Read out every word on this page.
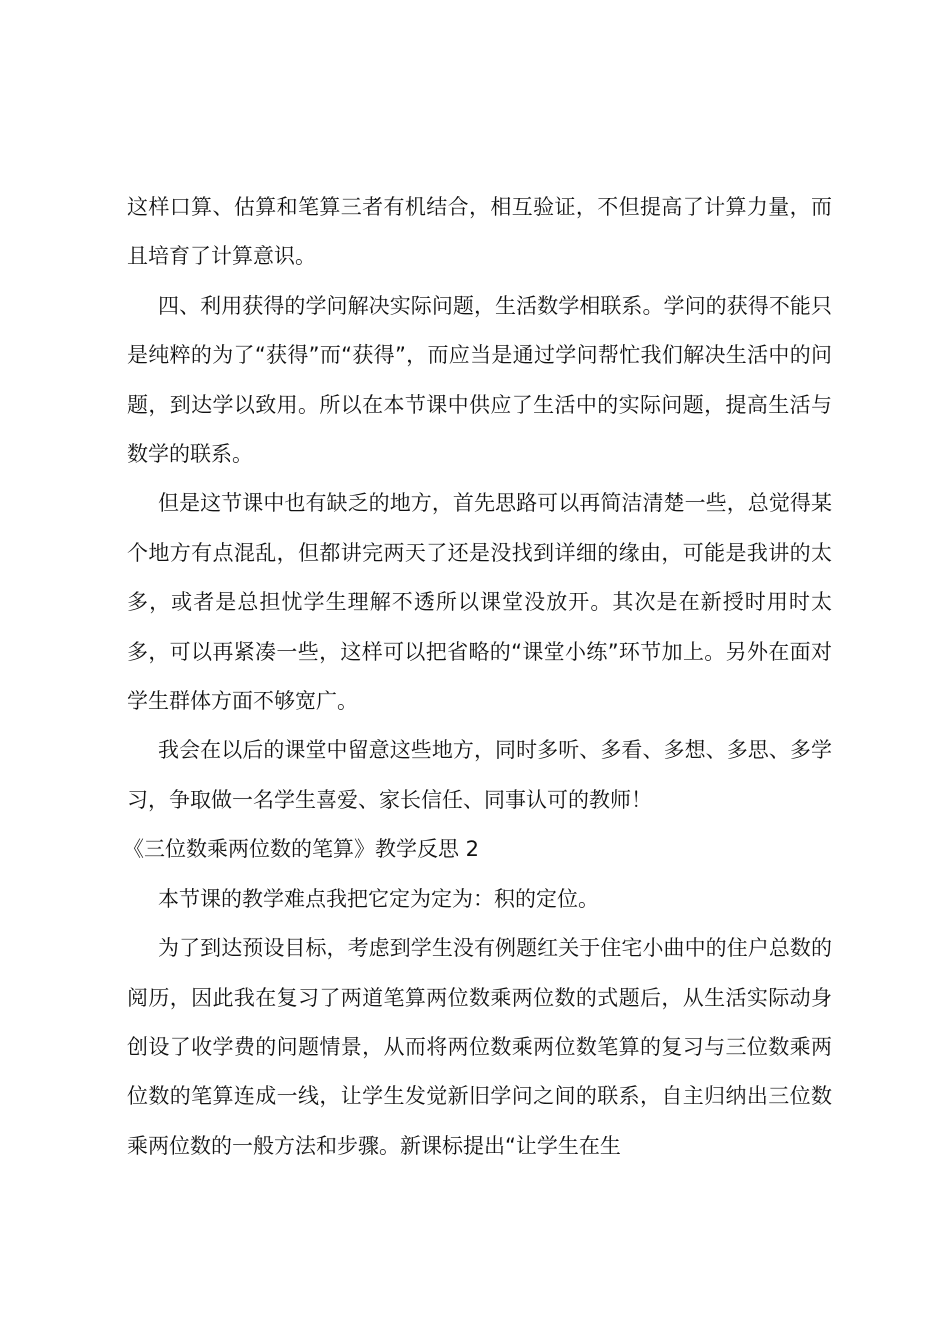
这样口算、估算和笔算三者有机结合，相互验证，不但提高了计算力量，而且培育了计算意识。

四、利用获得的学问解决实际问题，生活数学相联系。学问的获得不能只是纯粹的为了“获得”而“获得”，而应当是通过学问帮忙我们解决生活中的问题，到达学以致用。所以在本节课中供应了生活中的实际问题，提高生活与数学的联系。

但是这节课中也有缺乏的地方，首先思路可以再简洁清楚一些，总觉得某个地方有点混乱，但都讲完两天了还是没找到详细的缘由，可能是我讲的太多，或者是总担忧学生理解不透所以课堂没放开。其次是在新授时用时太多，可以再紧凑一些，这样可以把省略的“课堂小练”环节加上。另外在面对学生群体方面不够宽广。

我会在以后的课堂中留意这些地方，同时多听、多看、多想、多思、多学习，争取做一名学生喜爱、家长信任、同事认可的教师！

《三位数乘两位数的笔算》教学反思 2

本节课的教学难点我把它定为定为：积的定位。

为了到达预设目标，考虑到学生没有例题红关于住宅小曲中的住户总数的阅历，因此我在复习了两道笔算两位数乘两位数的式题后，从生活实际动身创设了收学费的问题情景，从而将两位数乘两位数笔算的复习与三位数乘两位数的笔算连成一线，让学生发觉新旧学问之间的联系，自主归纳出三位数乘两位数的一般方法和步骤。新课标提出“让学生在生
